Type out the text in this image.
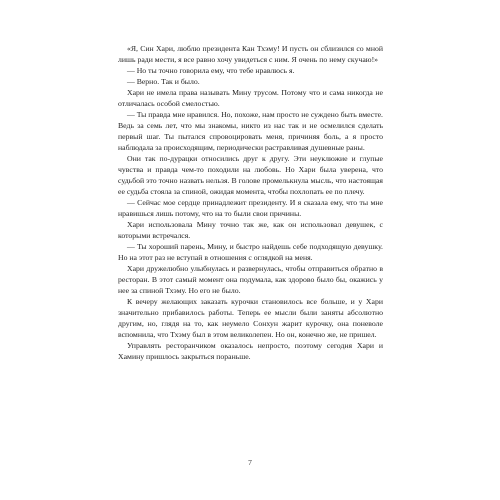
«Я, Син Хари, люблю президента Кан Тхэму! И пусть он сблизился со мной лишь ради мести, я все равно хочу увидеться с ним. Я очень по нему скучаю!»

— Но ты точно говорила ему, что тебе нравлюсь я.

— Верно. Так и было.

Хари не имела права называть Мину трусом. Потому что и сама никогда не отличалась особой смелостью.

— Ты правда мне нравился. Но, похоже, нам просто не суждено быть вместе. Ведь за семь лет, что мы знакомы, никто из нас так и не осмелился сделать первый шаг. Ты пытался спровоцировать меня, причиняя боль, а я просто наблюдала за происходящим, периодически растравливая душевные раны.

Они так по-дурацки относились друг к другу. Эти неуклюжие и глупые чувства и правда чем-то походили на любовь. Но Хари была уверена, что судьбой это точно назвать нельзя. В голове промелькнула мысль, что настоящая ее судьба стояла за спиной, ожидая момента, чтобы похлопать ее по плечу.

— Сейчас мое сердце принадлежит президенту. И я сказала ему, что ты мне нравишься лишь потому, что на то были свои причины.

Хари использовала Мину точно так же, как он использовал девушек, с которыми встречался.

— Ты хороший парень, Мину, и быстро найдешь себе подходящую девушку. Но на этот раз не вступай в отношения с оглядкой на меня.

Хари дружелюбно улыбнулась и развернулась, чтобы отправиться обратно в ресторан. В этот самый момент она подумала, как здорово было бы, окажись у нее за спиной Тхэму. Но его не было.

К вечеру желающих заказать курочки становилось все больше, и у Хари значительно прибавилось работы. Теперь ее мысли были заняты абсолютно другим, но, глядя на то, как неумело Сонхун жарит курочку, она поневоле вспомнила, что Тхэму был в этом великолепен. Но он, конечно же, не пришел.

Управлять ресторанчиком оказалось непросто, поэтому сегодня Хари и Хамину пришлось закрыться пораньше.

7
